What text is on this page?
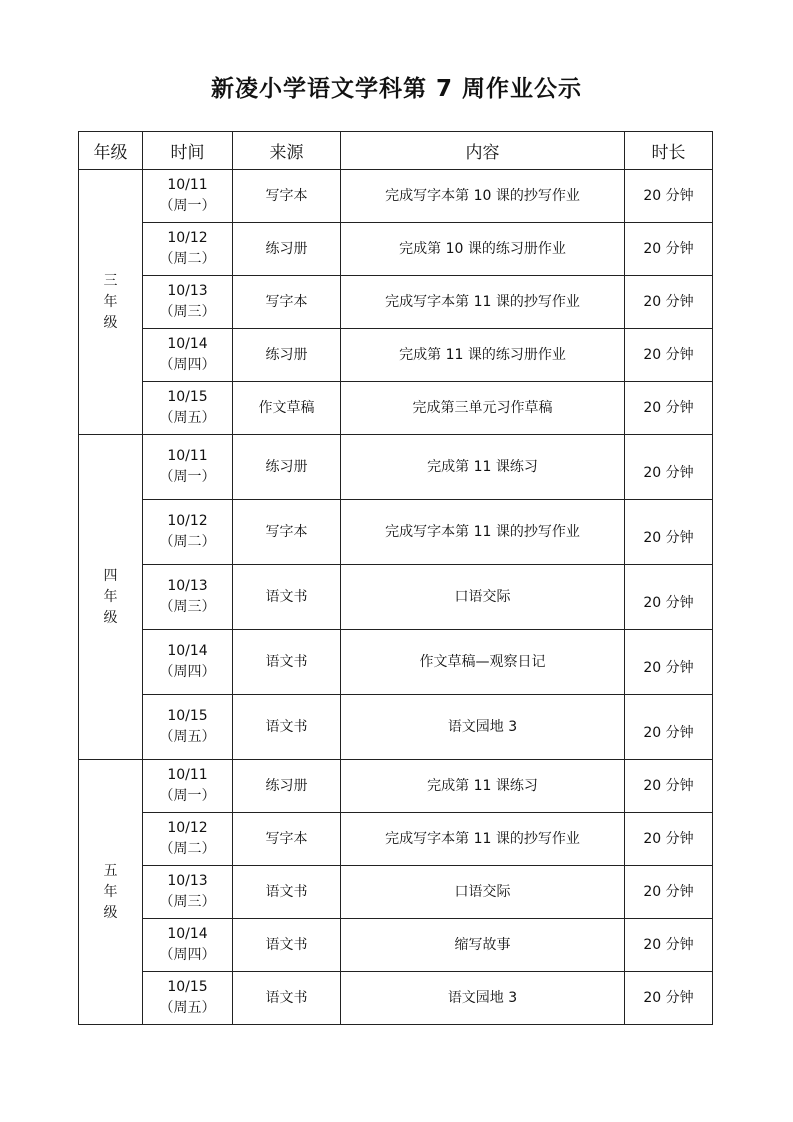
新凌小学语文学科第 7 周作业公示
年级	时间	来源	内容	时长

三
年
级	10/11
（周一）	写字本	完成写字本第 10 课的抄写作业	20 分钟

	10/12
（周二）	练习册	完成第 10 课的练习册作业	20 分钟

	10/13
（周三）	写字本	完成写字本第 11 课的抄写作业	20 分钟

	10/14
（周四）	练习册	完成第 11 课的练习册作业	20 分钟

	10/15
（周五）	作文草稿	完成第三单元习作草稿	20 分钟

四
年
级	10/11
（周一）	练习册	完成第 11 课练习	20 分钟

	10/12
（周二）	写字本	完成写字本第 11 课的抄写作业	20 分钟

	10/13
（周三）	语文书	口语交际	20 分钟

	10/14
（周四）	语文书	作文草稿—观察日记	20 分钟

	10/15
（周五）	语文书	语文园地 3	20 分钟

五
年
级	10/11
（周一）	练习册	完成第 11 课练习	20 分钟

	10/12
（周二）	写字本	完成写字本第 11 课的抄写作业	20 分钟

	10/13
（周三）	语文书	口语交际	20 分钟

	10/14
（周四）	语文书	缩写故事	20 分钟

	10/15
（周五）	语文书	语文园地 3	20 分钟
